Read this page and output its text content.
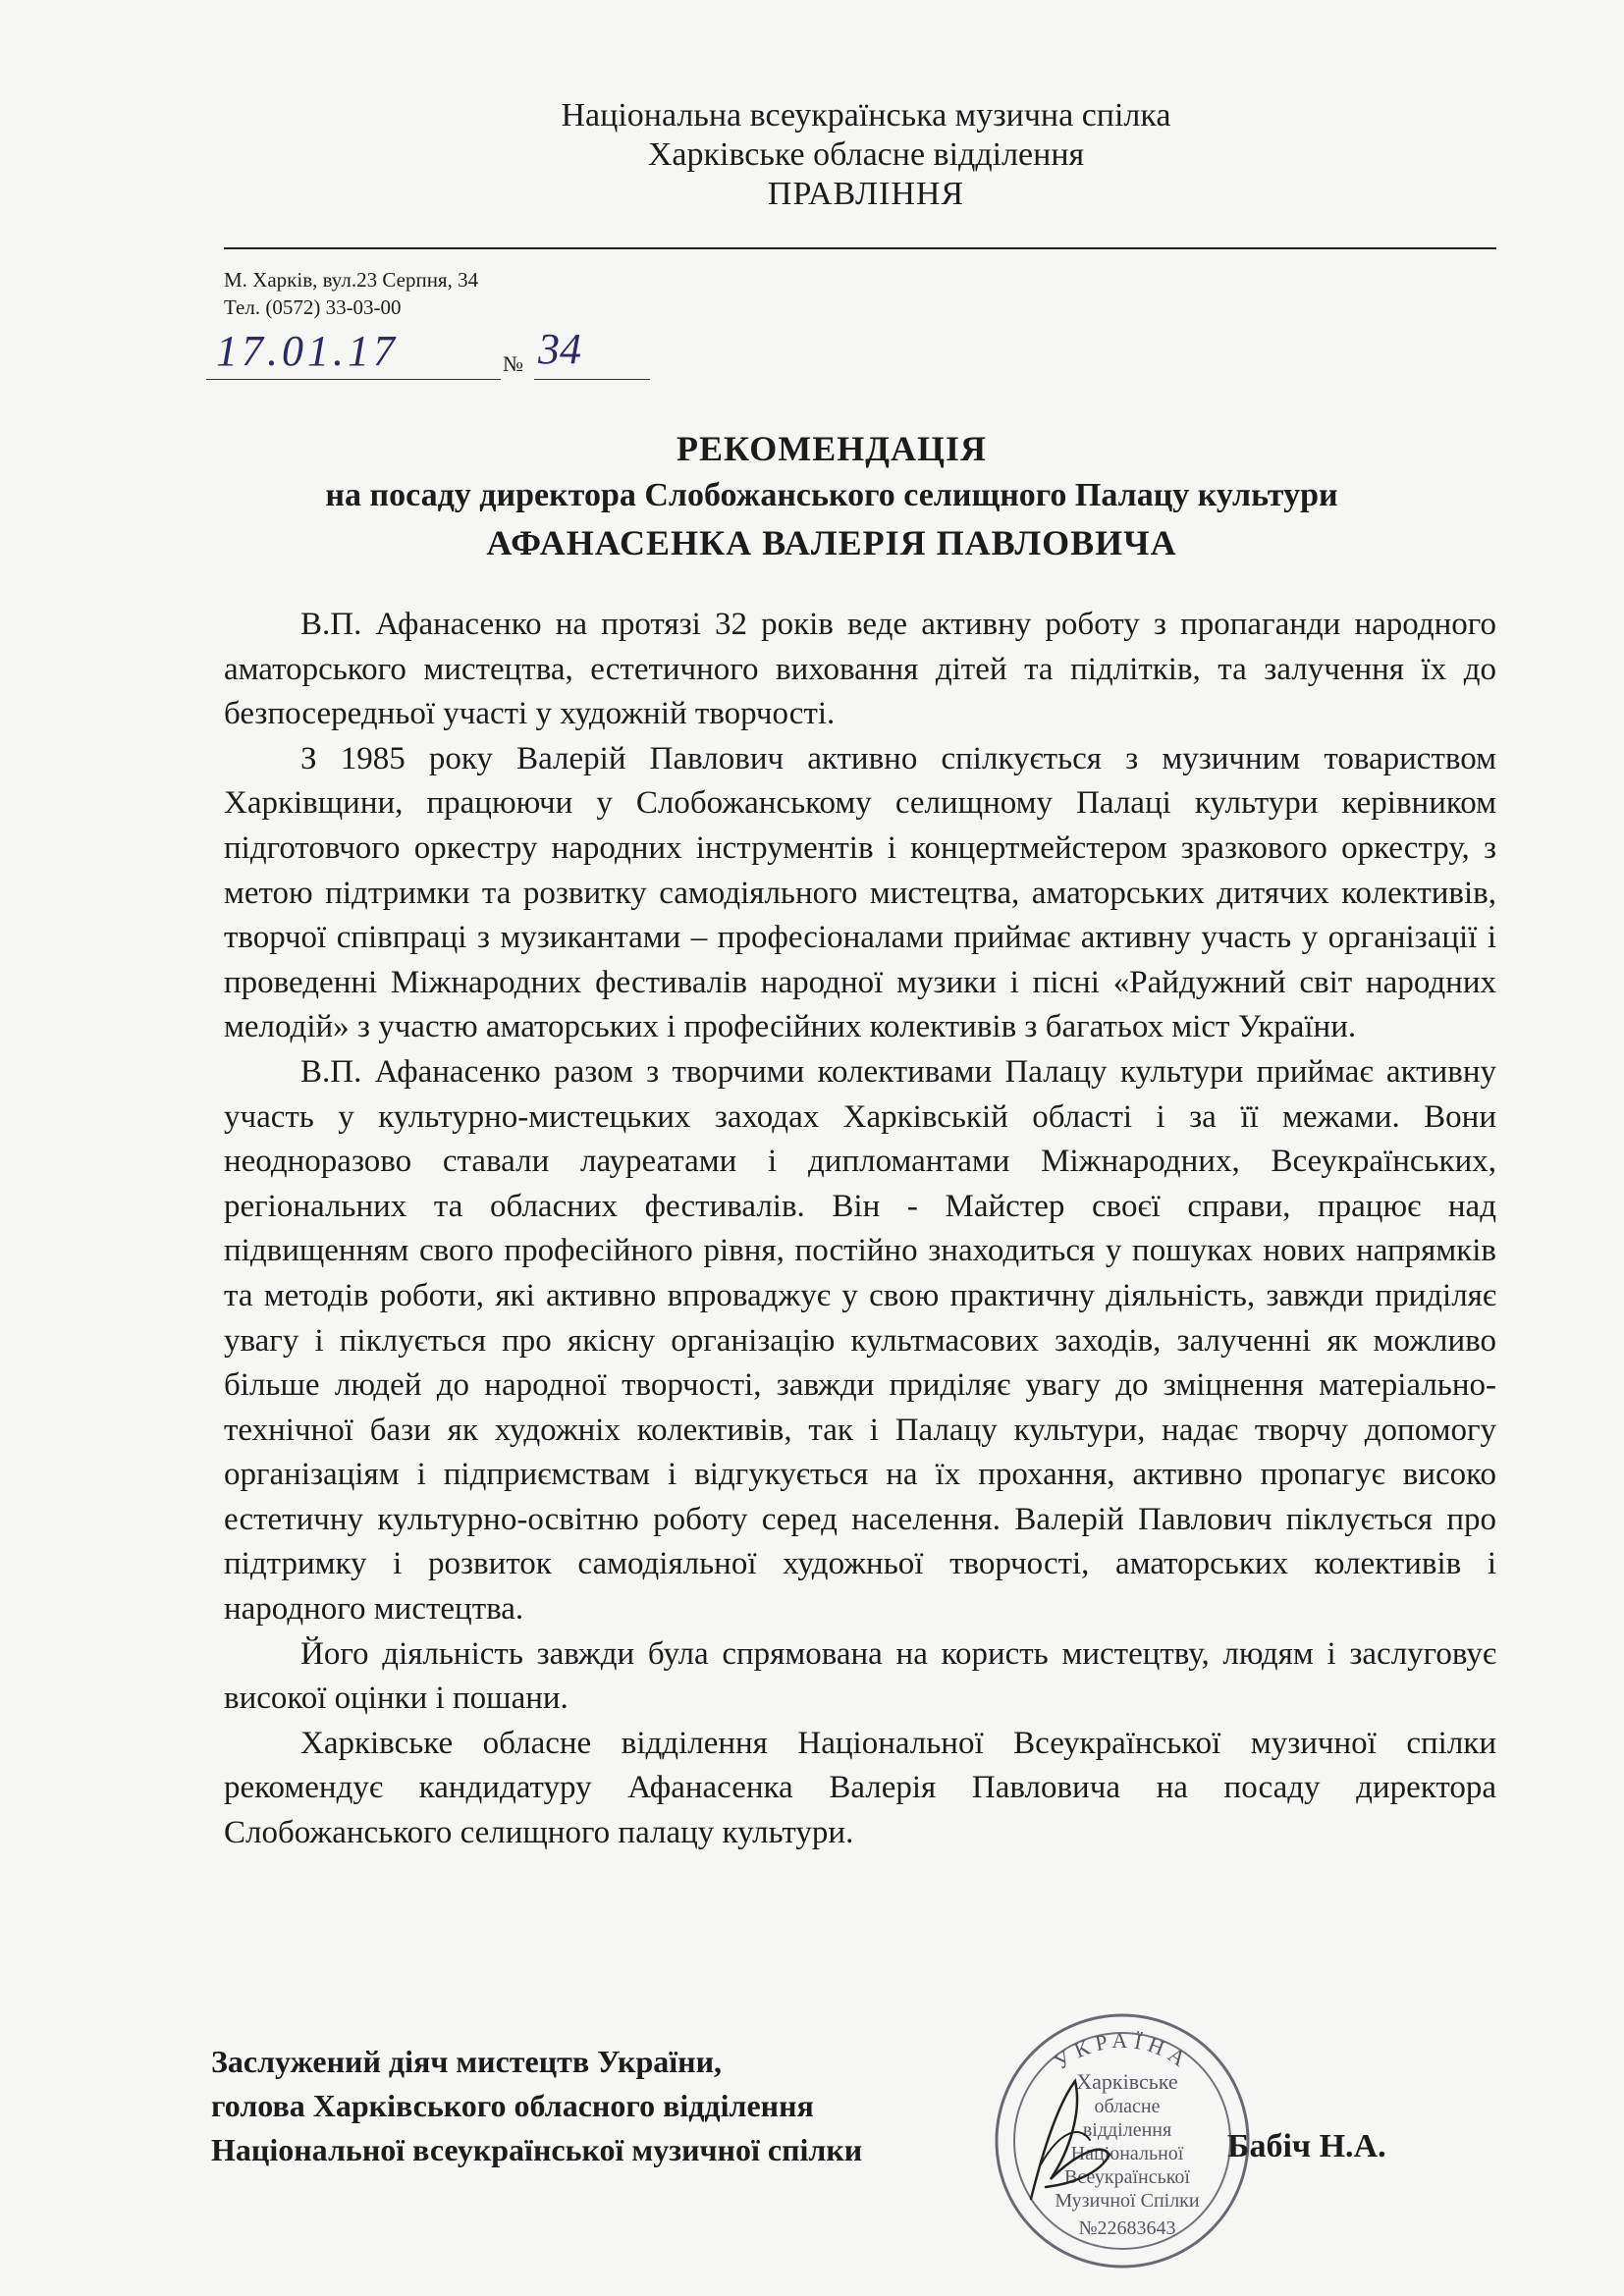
Національна всеукраїнська музична спілка
Харківське обласне відділення
ПРАВЛІННЯ
М. Харків, вул.23 Серпня, 34
Тел. (0572) 33-03-00
17.01.17	№ 34
РЕКОМЕНДАЦІЯ
на посаду директора Слобожанського селищного Палацу культури
АФАНАСЕНКА ВАЛЕРІЯ ПАВЛОВИЧА

В.П. Афанасенко на протязі 32 років веде активну роботу з пропаганди народного аматорського мистецтва, естетичного виховання дітей та підлітків, та залучення їх до безпосередньої участі у художній творчості.

З 1985 року Валерій Павлович активно спілкується з музичним товариством Харківщини, працюючи у Слобожанському селищному Палаці культури керівником підготовчого оркестру народних інструментів і концертмейстером зразкового оркестру, з метою підтримки та розвитку самодіяльного мистецтва, аматорських дитячих колективів, творчої співпраці з музикантами – професіоналами приймає активну участь у організації і проведенні Міжнародних фестивалів народної музики і пісні «Райдужний світ народних мелодій» з участю аматорських і професійних колективів з багатьох міст України.

В.П. Афанасенко разом з творчими колективами Палацу культури приймає активну участь у культурно-мистецьких заходах Харківській області і за її межами. Вони неодноразово ставали лауреатами і дипломантами Міжнародних, Всеукраїнських, регіональних та обласних фестивалів. Він - Майстер своєї справи, працює над підвищенням свого професійного рівня, постійно знаходиться у пошуках нових напрямків та методів роботи, які активно впроваджує у свою практичну діяльність, завжди приділяє увагу і піклується про якісну організацію культмасових заходів, залученні як можливо більше людей до народної творчості, завжди приділяє увагу до зміцнення матеріально-технічної бази як художніх колективів, так і Палацу культури, надає творчу допомогу організаціям і підприємствам і відгукується на їх прохання, активно пропагує високо естетичну культурно-освітню роботу серед населення. Валерій Павлович піклується про підтримку і розвиток самодіяльної художньої творчості, аматорських колективів і народного мистецтва.

Його діяльність завжди була спрямована на користь мистецтву, людям і заслуговує високої оцінки і пошани.

Харківське обласне відділення Національної Всеукраїнської музичної спілки рекомендує кандидатуру Афанасенка Валерія Павловича на посаду директора Слобожанського селищного палацу культури.

Заслужений діяч мистецтв України,
голова Харківського обласного відділення
Національної всеукраїнської музичної спілки	Бабіч Н.А.
УКРАЇНА
Харківське
обласне
відділення
Національної
Всеукраїнської
Музичної Спілки
№22683643
